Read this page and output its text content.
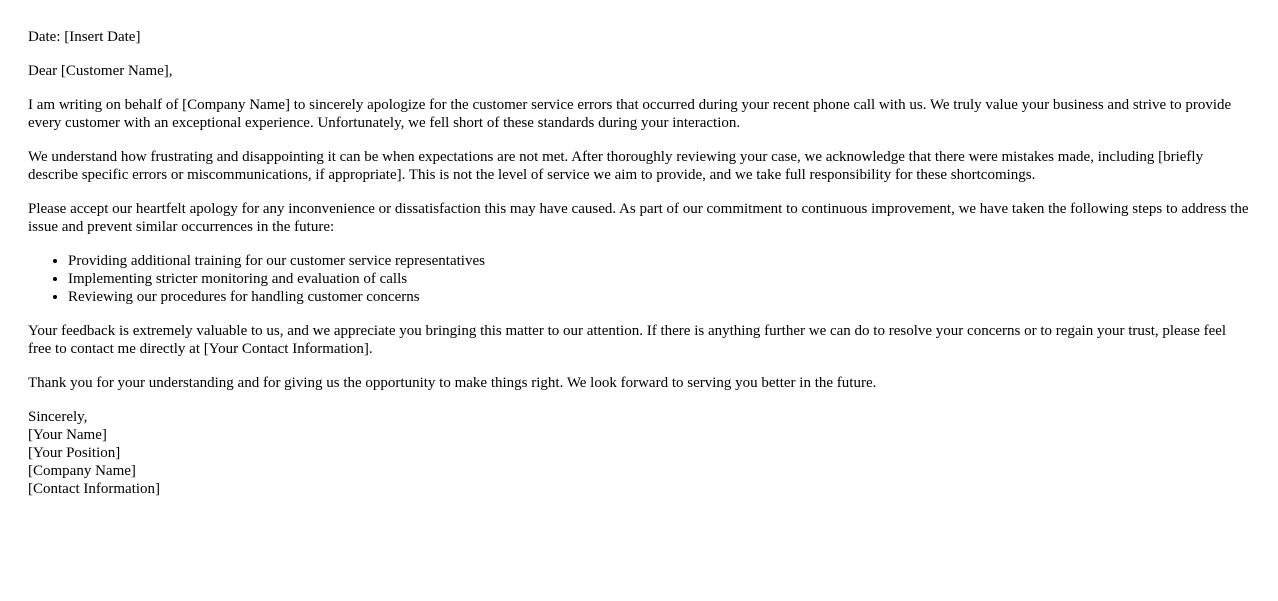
Date: [Insert Date]

Dear [Customer Name],

I am writing on behalf of [Company Name] to sincerely apologize for the customer service errors that occurred during your recent phone call with us. We truly value your business and strive to provide every customer with an exceptional experience. Unfortunately, we fell short of these standards during your interaction.

We understand how frustrating and disappointing it can be when expectations are not met. After thoroughly reviewing your case, we acknowledge that there were mistakes made, including [briefly describe specific errors or miscommunications, if appropriate]. This is not the level of service we aim to provide, and we take full responsibility for these shortcomings.

Please accept our heartfelt apology for any inconvenience or dissatisfaction this may have caused. As part of our commitment to continuous improvement, we have taken the following steps to address the issue and prevent similar occurrences in the future:

• Providing additional training for our customer service representatives
• Implementing stricter monitoring and evaluation of calls
• Reviewing our procedures for handling customer concerns

Your feedback is extremely valuable to us, and we appreciate you bringing this matter to our attention. If there is anything further we can do to resolve your concerns or to regain your trust, please feel free to contact me directly at [Your Contact Information].

Thank you for your understanding and for giving us the opportunity to make things right. We look forward to serving you better in the future.

Sincerely,
[Your Name]
[Your Position]
[Company Name]
[Contact Information]
